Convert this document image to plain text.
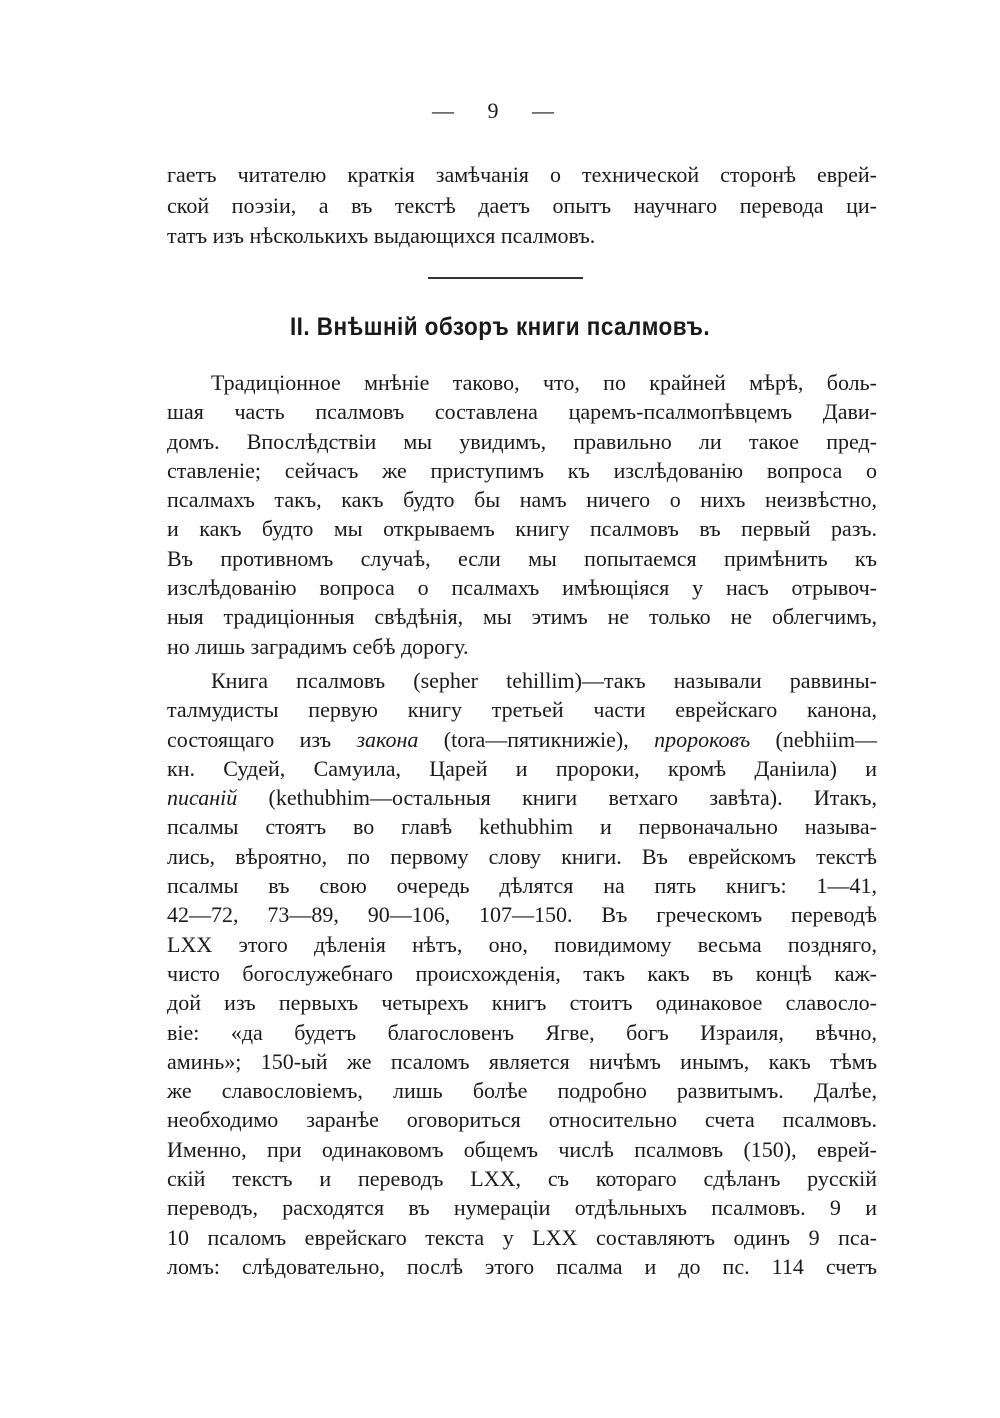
— 9 —
гаетъ читателю краткія замѣчанія о технической сторонѣ еврей-
ской поэзіи, а въ текстѣ даетъ опытъ научнаго перевода ци-
татъ изъ нѣсколькихъ выдающихся псалмовъ.
II. Внѣшній обзоръ книги псалмовъ.
Традиціонное мнѣніе таково, что, по крайней мѣрѣ, боль-
шая часть псалмовъ составлена царемъ-псалмопѣвцемъ Дави-
домъ. Впослѣдствіи мы увидимъ, правильно ли такое пред-
ставленіе; сейчасъ же приступимъ къ изслѣдованію вопроса о
псалмахъ такъ, какъ будто бы намъ ничего о нихъ неизвѣстно,
и какъ будто мы открываемъ книгу псалмовъ въ первый разъ.
Въ противномъ случаѣ, если мы попытаемся примѣнить къ
изслѣдованію вопроса о псалмахъ имѣющіяся у насъ отрывоч-
ныя традиціонныя свѣдѣнія, мы этимъ не только не облегчимъ,
но лишь заградимъ себѣ дорогу.
Книга псалмовъ (sepher tehillim)—такъ называли раввины-
талмудисты первую книгу третьей части еврейскаго канона,
состоящаго изъ закона (tora—пятикнижіе), пророковъ (nebhiim—
кн. Судей, Самуила, Царей и пророки, кромѣ Даніила) и
писаній (kethubhim—остальныя книги ветхаго завѣта). Итакъ,
псалмы стоятъ во главѣ kethubhim и первоначально называ-
лись, вѣроятно, по первому слову книги. Въ еврейскомъ текстѣ
псалмы въ свою очередь дѣлятся на пять книгъ: 1—41,
42—72, 73—89, 90—106, 107—150. Въ греческомъ переводѣ
LXX этого дѣленія нѣтъ, оно, повидимому весьма поздняго,
чисто богослужебнаго происхожденія, такъ какъ въ концѣ каж-
дой изъ первыхъ четырехъ книгъ стоитъ одинаковое славосло-
віе: «да будетъ благословенъ Ягве, богъ Израиля, вѣчно,
аминь»; 150-ый же псаломъ является ничѣмъ инымъ, какъ тѣмъ
же славословіемъ, лишь болѣе подробно развитымъ. Далѣе,
необходимо заранѣе оговориться относительно счета псалмовъ.
Именно, при одинаковомъ общемъ числѣ псалмовъ (150), еврей-
скій текстъ и переводъ LXX, съ котораго сдѣланъ русскій
переводъ, расходятся въ нумераціи отдѣльныхъ псалмовъ. 9 и
10 псаломъ еврейскаго текста у LXX составляютъ одинъ 9 пса-
ломъ: слѣдовательно, послѣ этого псалма и до пс. 114 счетъ
